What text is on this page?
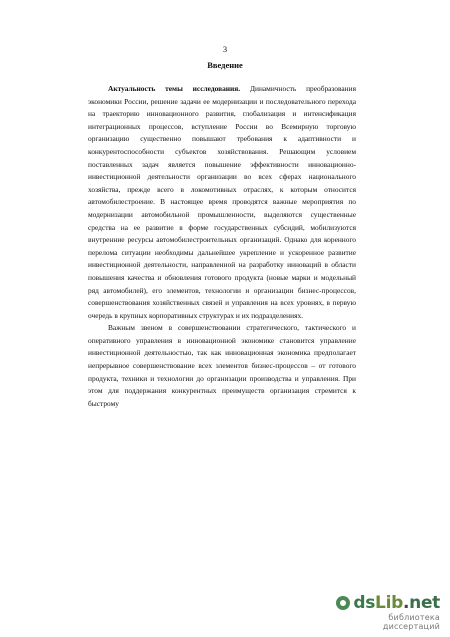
3
Введение

Актуальность темы исследования. Динамичность преобразования экономики России, решение задачи ее модернизации и последовательного перехода на траекторию инновационного развития, глобализация и интенсификация интеграционных процессов, вступление России во Всемирную торговую организацию существенно повышают требования к адаптивности и конкурентоспособности субъектов хозяйствования. Решающим условием поставленных задач является повышение эффективности инновационно-инвестиционной деятельности организации во всех сферах национального хозяйства, прежде всего в локомотивных отраслях, к которым относится автомобилестроение. В настоящее время проводятся важные мероприятия по модернизации автомобильной промышленности, выделяются существенные средства на ее развитие в форме государственных субсидий, мобилизуются внутренние ресурсы автомобилестроительных организаций. Однако для коренного перелома ситуации необходимы дальнейшее укрепление и ускоренное развитие инвестиционной деятельности, направленной на разработку инноваций в области повышения качества и обновления готового продукта (новые марки и модельный ряд автомобилей), его элементов, технологии и организации бизнес-процессов, совершенствования хозяйственных связей и управления на всех уровнях, в первую очередь в крупных корпоративных структурах и их подразделениях.

Важным звеном в совершенствовании стратегического, тактического и оперативного управления в инновационной экономике становится управление инвестиционной деятельностью, так как инновационная экономика предполагает непрерывное совершенствование всех элементов бизнес-процессов – от готового продукта, техники и технологии до организации производства и управления. При этом для поддержания конкурентных преимуществ организация стремится к быстрому

ds Lib . net
библиотека диссертаций
